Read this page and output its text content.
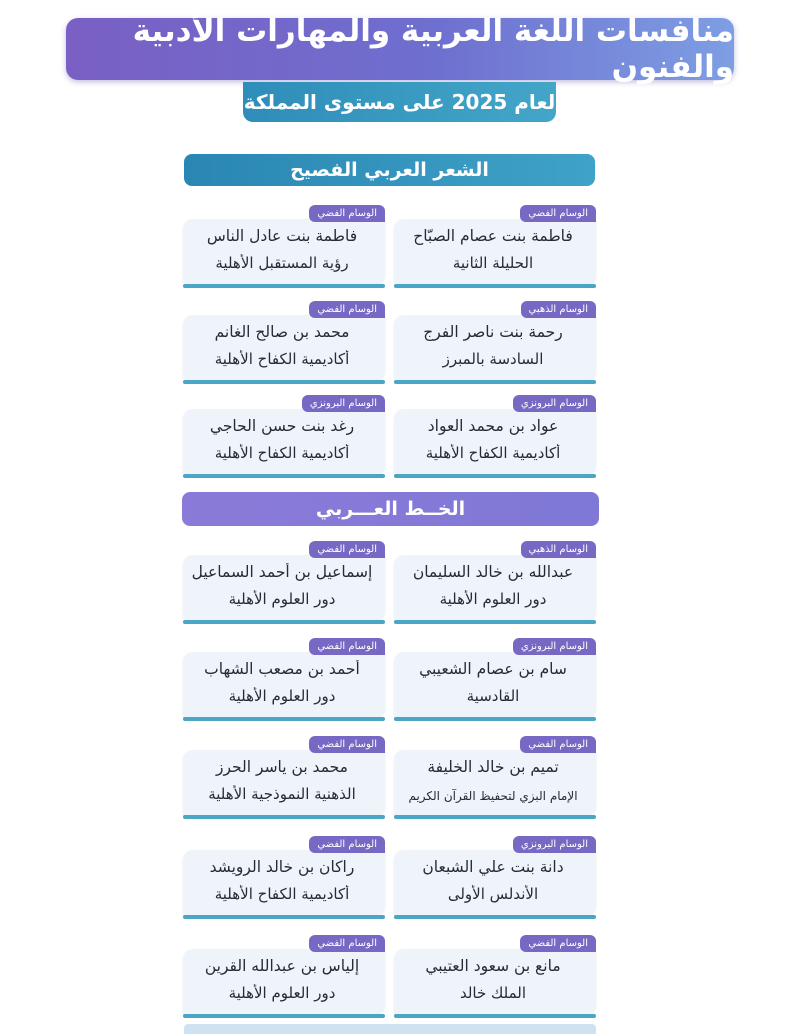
منافسات اللغة العربية والمهارات الأدبية والفنون
لعام 2025 على مستوى المملكة
الشعر العربي الفصيح
الوسام الفضي
فاطمة بنت عصام الصبّاح
الحليلة الثانية
الوسام الفضي
فاطمة بنت عادل الناس
رؤية المستقبل الأهلية
الوسام الذهبي
رحمة بنت ناصر الفرج
السادسة بالمبرز
الوسام الفضي
محمد بن صالح الغانم
أكاديمية الكفاح الأهلية
الوسام البرونزي
عواد بن محمد العواد
أكاديمية الكفاح الأهلية
الوسام البرونزي
رغد بنت حسن الحاجي
أكاديمية الكفاح الأهلية
الخــط العـــربي
الوسام الذهبي
عبدالله بن خالد السليمان
دور العلوم الأهلية
الوسام الفضي
إسماعيل بن أحمد السماعيل
دور العلوم الأهلية
الوسام البرونزي
سام بن عصام الشعيبي
القادسية
الوسام الفضي
أحمد بن مصعب الشهاب
دور العلوم الأهلية
الوسام الفضي
تميم بن خالد الخليفة
الإمام البزي لتحفيظ القرآن الكريم
الوسام الفضي
محمد بن ياسر الحرز
الذهنية النموذجية الأهلية
الوسام البرونزي
دانة بنت علي الشبعان
الأندلس الأولى
الوسام الفضي
راكان بن خالد الرويشد
أكاديمية الكفاح الأهلية
الوسام الفضي
مانع بن سعود العتيبي
الملك خالد
الوسام الفضي
إلياس بن عبدالله القرين
دور العلوم الأهلية
